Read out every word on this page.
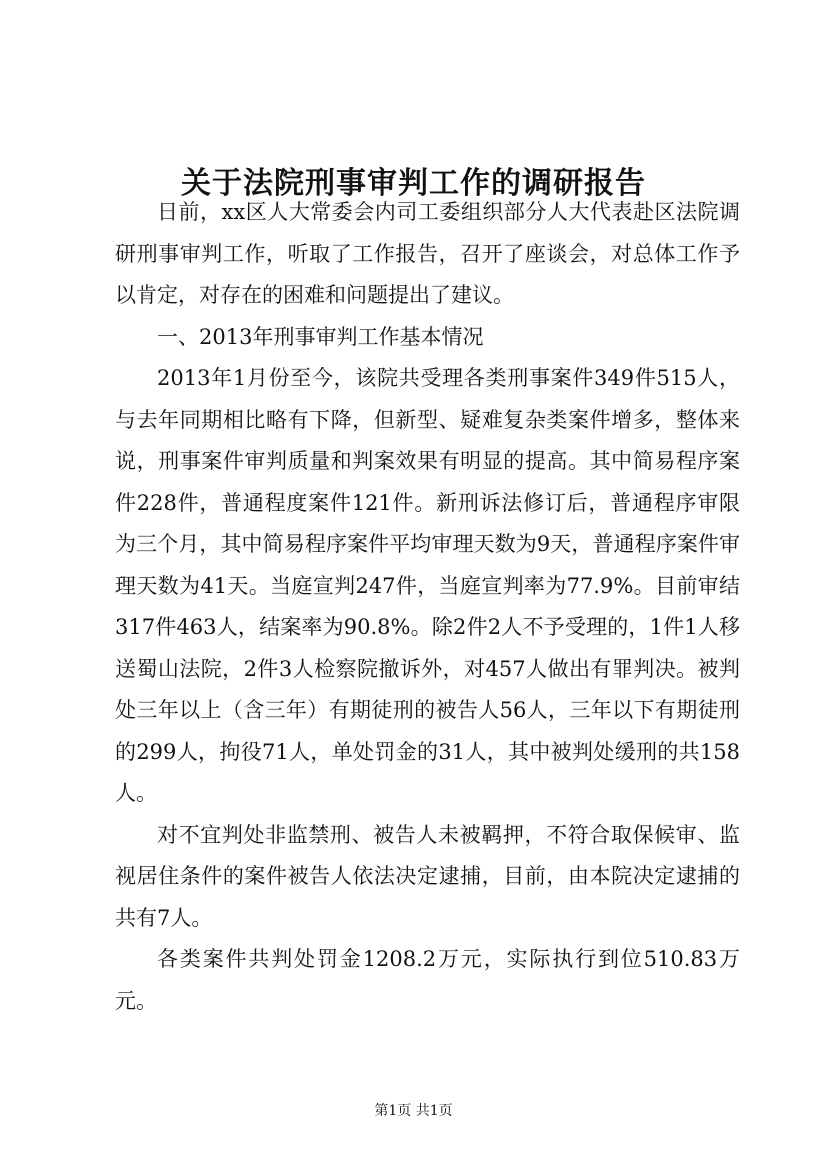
关于法院刑事审判工作的调研报告

日前，xx区人大常委会内司工委组织部分人大代表赴区法院调研刑事审判工作，听取了工作报告，召开了座谈会，对总体工作予以肯定，对存在的困难和问题提出了建议。

一、2013年刑事审判工作基本情况

2013年1月份至今，该院共受理各类刑事案件349件515人，与去年同期相比略有下降，但新型、疑难复杂类案件增多，整体来说，刑事案件审判质量和判案效果有明显的提高。其中简易程序案件228件，普通程度案件121件。新刑诉法修订后，普通程序审限为三个月，其中简易程序案件平均审理天数为9天，普通程序案件审理天数为41天。当庭宣判247件，当庭宣判率为77.9%。目前审结317件463人，结案率为90.8%。除2件2人不予受理的，1件1人移送蜀山法院，2件3人检察院撤诉外，对457人做出有罪判决。被判处三年以上（含三年）有期徒刑的被告人56人，三年以下有期徒刑的299人，拘役71人，单处罚金的31人，其中被判处缓刑的共158人。

对不宜判处非监禁刑、被告人未被羁押，不符合取保候审、监视居住条件的案件被告人依法决定逮捕，目前，由本院决定逮捕的共有7人。

各类案件共判处罚金1208.2万元，实际执行到位510.83万元。

第1页 共1页
